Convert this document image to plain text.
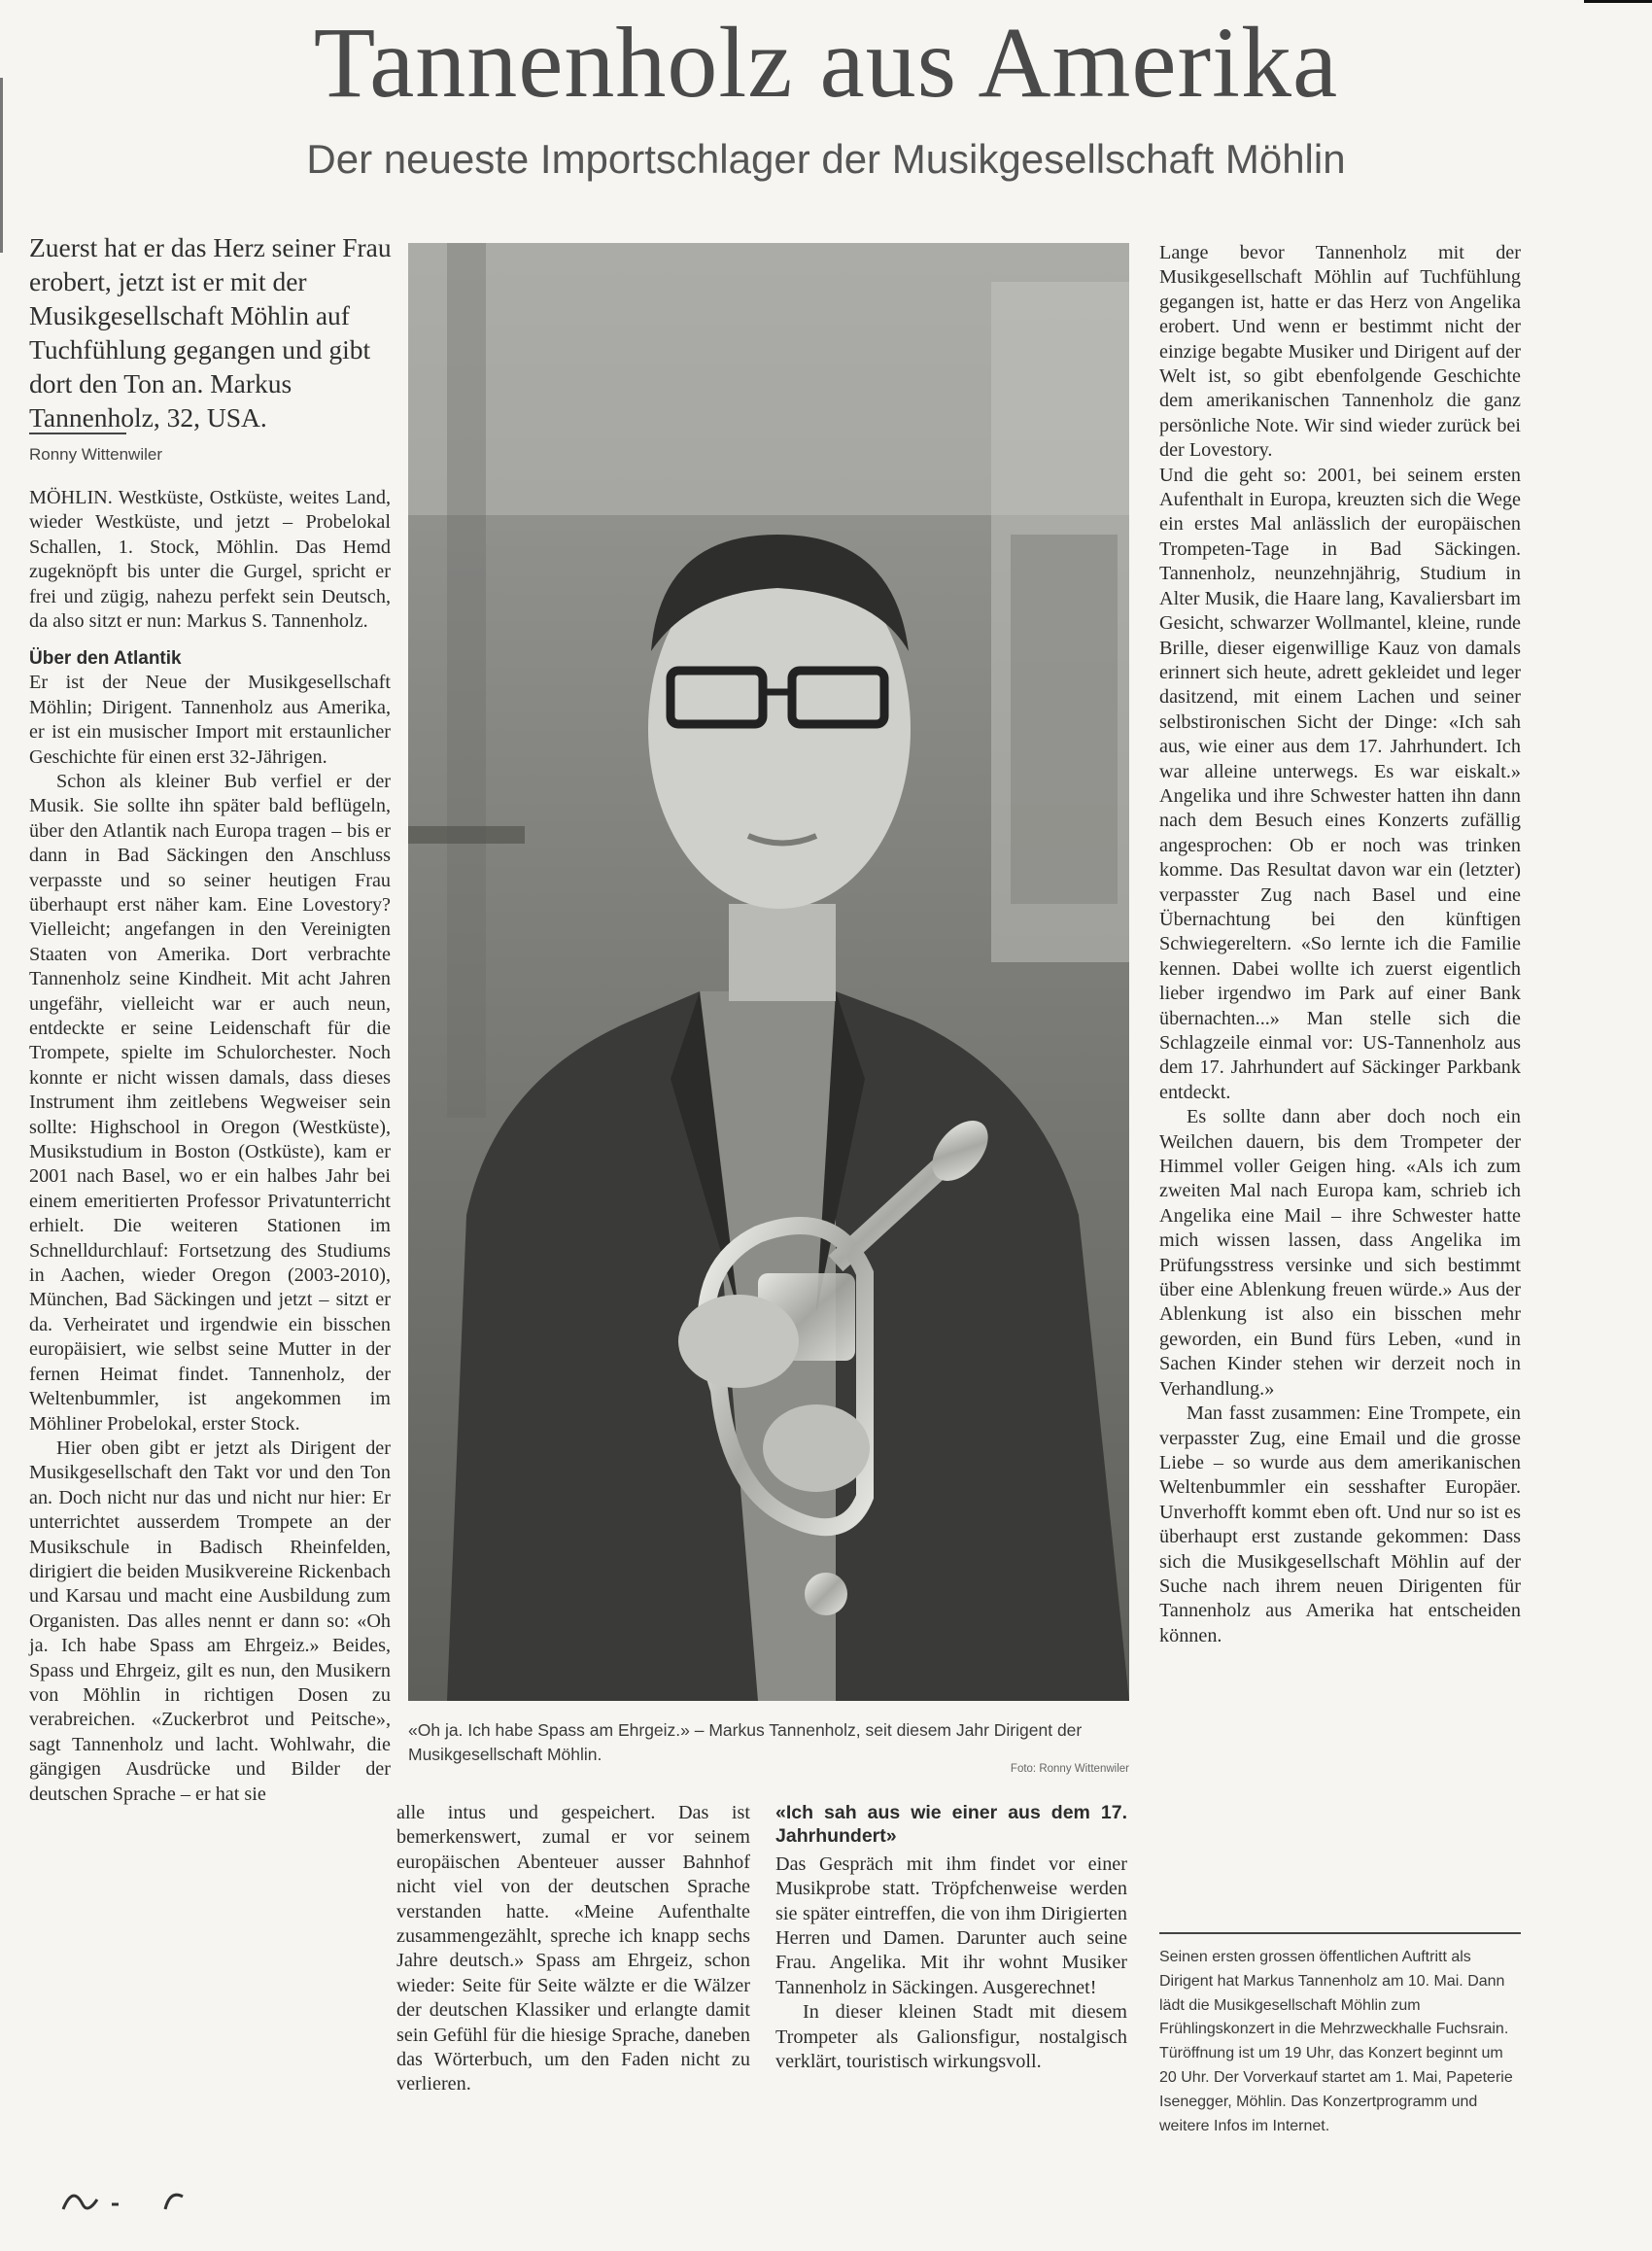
Tannenholz aus Amerika
Der neueste Importschlager der Musikgesellschaft Möhlin
Zuerst hat er das Herz seiner Frau erobert, jetzt ist er mit der Musikgesellschaft Möhlin auf Tuchfühlung gegangen und gibt dort den Ton an. Markus Tannenholz, 32, USA.
Ronny Wittenwiler

MÖHLIN. Westküste, Ostküste, weites Land, wieder Westküste, und jetzt – Probelokal Schallen, 1. Stock, Möhlin. Das Hemd zugeknöpft bis unter die Gurgel, spricht er frei und zügig, nahezu perfekt sein Deutsch, da also sitzt er nun: Markus S. Tannenholz.

Über den Atlantik

Er ist der Neue der Musikgesellschaft Möhlin; Dirigent. Tannenholz aus Amerika, er ist ein musischer Import mit erstaunlicher Geschichte für einen erst 32-Jährigen.

Schon als kleiner Bub verfiel er der Musik. Sie sollte ihn später bald beflügeln, über den Atlantik nach Europa tragen – bis er dann in Bad Säckingen den Anschluss verpasste und so seiner heutigen Frau überhaupt erst näher kam. Eine Lovestory? Vielleicht; angefangen in den Vereinigten Staaten von Amerika. Dort verbrachte Tannenholz seine Kindheit. Mit acht Jahren ungefähr, vielleicht war er auch neun, entdeckte er seine Leidenschaft für die Trompete, spielte im Schulorchester. Noch konnte er nicht wissen damals, dass dieses Instrument ihm zeitlebens Wegweiser sein sollte: Highschool in Oregon (Westküste), Musikstudium in Boston (Ostküste), kam er 2001 nach Basel, wo er ein halbes Jahr bei einem emeritierten Professor Privatunterricht erhielt. Die weiteren Stationen im Schnelldurchlauf: Fortsetzung des Studiums in Aachen, wieder Oregon (2003-2010), München, Bad Säckingen und jetzt – sitzt er da. Verheiratet und irgendwie ein bisschen europäisiert, wie selbst seine Mutter in der fernen Heimat findet. Tannenholz, der Weltenbummler, ist angekommen im Möhliner Probelokal, erster Stock.

Hier oben gibt er jetzt als Dirigent der Musikgesellschaft den Takt vor und den Ton an. Doch nicht nur das und nicht nur hier: Er unterrichtet ausserdem Trompete an der Musikschule in Badisch Rheinfelden, dirigiert die beiden Musikvereine Rickenbach und Karsau und macht eine Ausbildung zum Organisten. Das alles nennt er dann so: «Oh ja. Ich habe Spass am Ehrgeiz.» Beides, Spass und Ehrgeiz, gilt es nun, den Musikern von Möhlin in richtigen Dosen zu verabreichen. «Zuckerbrot und Peitsche», sagt Tannenholz und lacht. Wohlwahr, die gängigen Ausdrücke und Bilder der deutschen Sprache – er hat sie

«Oh ja. Ich habe Spass am Ehrgeiz.» – Markus Tannenholz, seit diesem Jahr Dirigent der Musikgesellschaft Möhlin.
Foto: Ronny Wittenwiler

alle intus und gespeichert. Das ist bemerkenswert, zumal er vor seinem europäischen Abenteuer ausser Bahnhof nicht viel von der deutschen Sprache verstanden hatte. «Meine Aufenthalte zusammengezählt, spreche ich knapp sechs Jahre deutsch.» Spass am Ehrgeiz, schon wieder: Seite für Seite wälzte er die Wälzer der deutschen Klassiker und erlangte damit sein Gefühl für die hiesige Sprache, daneben das Wörterbuch, um den Faden nicht zu verlieren.

«Ich sah aus wie einer aus dem 17. Jahrhundert»

Das Gespräch mit ihm findet vor einer Musikprobe statt. Tröpfchenweise werden sie später eintreffen, die von ihm Dirigierten Herren und Damen. Darunter auch seine Frau. Angelika. Mit ihr wohnt Musiker Tannenholz in Säckingen. Ausgerechnet!

In dieser kleinen Stadt mit diesem Trompeter als Galionsfigur, nostalgisch verklärt, touristisch wirkungsvoll.

Lange bevor Tannenholz mit der Musikgesellschaft Möhlin auf Tuchfühlung gegangen ist, hatte er das Herz von Angelika erobert. Und wenn er bestimmt nicht der einzige begabte Musiker und Dirigent auf der Welt ist, so gibt ebenfolgende Geschichte dem amerikanischen Tannenholz die ganz persönliche Note. Wir sind wieder zurück bei der Lovestory.

Und die geht so: 2001, bei seinem ersten Aufenthalt in Europa, kreuzten sich die Wege ein erstes Mal anlässlich der europäischen Trompeten-Tage in Bad Säckingen. Tannenholz, neunzehnjährig, Studium in Alter Musik, die Haare lang, Kavaliersbart im Gesicht, schwarzer Wollmantel, kleine, runde Brille, dieser eigenwillige Kauz von damals erinnert sich heute, adrett gekleidet und leger dasitzend, mit einem Lachen und seiner selbstironischen Sicht der Dinge: «Ich sah aus, wie einer aus dem 17. Jahrhundert. Ich war alleine unterwegs. Es war eiskalt.» Angelika und ihre Schwester hatten ihn dann nach dem Besuch eines Konzerts zufällig angesprochen: Ob er noch was trinken komme. Das Resultat davon war ein (letzter) verpasster Zug nach Basel und eine Übernachtung bei den künftigen Schwiegereltern. «So lernte ich die Familie kennen. Dabei wollte ich zuerst eigentlich lieber irgendwo im Park auf einer Bank übernachten...» Man stelle sich die Schlagzeile einmal vor: US-Tannenholz aus dem 17. Jahrhundert auf Säckinger Parkbank entdeckt.

Es sollte dann aber doch noch ein Weilchen dauern, bis dem Trompeter der Himmel voller Geigen hing. «Als ich zum zweiten Mal nach Europa kam, schrieb ich Angelika eine Mail – ihre Schwester hatte mich wissen lassen, dass Angelika im Prüfungsstress versinke und sich bestimmt über eine Ablenkung freuen würde.» Aus der Ablenkung ist also ein bisschen mehr geworden, ein Bund fürs Leben, «und in Sachen Kinder stehen wir derzeit noch in Verhandlung.»

Man fasst zusammen: Eine Trompete, ein verpasster Zug, eine Email und die grosse Liebe – so wurde aus dem amerikanischen Weltenbummler ein sesshafter Europäer. Unverhofft kommt eben oft. Und nur so ist es überhaupt erst zustande gekommen: Dass sich die Musikgesellschaft Möhlin auf der Suche nach ihrem neuen Dirigenten für Tannenholz aus Amerika hat entscheiden können.

Seinen ersten grossen öffentlichen Auftritt als Dirigent hat Markus Tannenholz am 10. Mai. Dann lädt die Musikgesellschaft Möhlin zum Frühlingskonzert in die Mehrzweckhalle Fuchsrain. Türöffnung ist um 19 Uhr, das Konzert beginnt um 20 Uhr. Der Vorverkauf startet am 1. Mai, Papeterie Isenegger, Möhlin. Das Konzertprogramm und weitere Infos im Internet.
